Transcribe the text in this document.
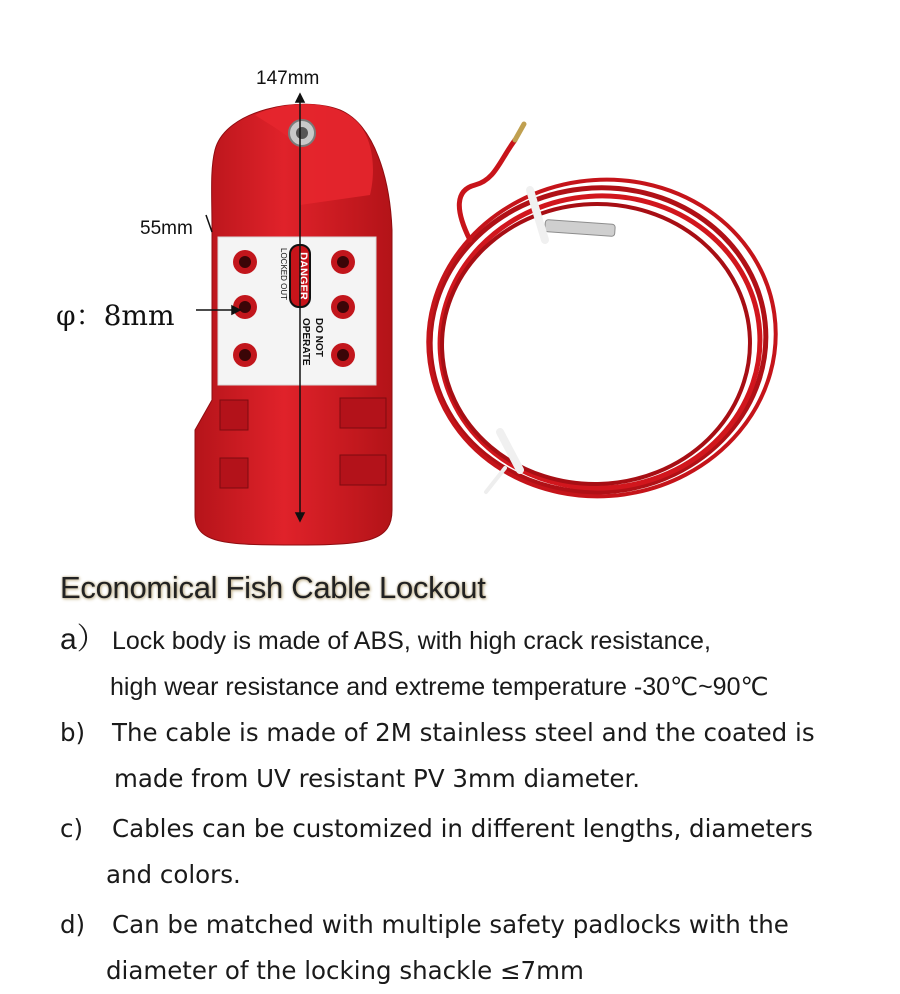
DANGER
LOCKED OUT
DO NOT
OPERATE
147mm
55mm
φ：8mm
Economical Fish Cable Lockout
a） Lock body is made of ABS, with high crack resistance,
high wear resistance and extreme temperature -30℃~90℃
b) The cable is made of 2M stainless steel and the coated is
made from UV resistant PV 3mm diameter.
c) Cables can be customized in different lengths, diameters
and colors.
d) Can be matched with multiple safety padlocks with the
diameter of the locking shackle ≤7mm
